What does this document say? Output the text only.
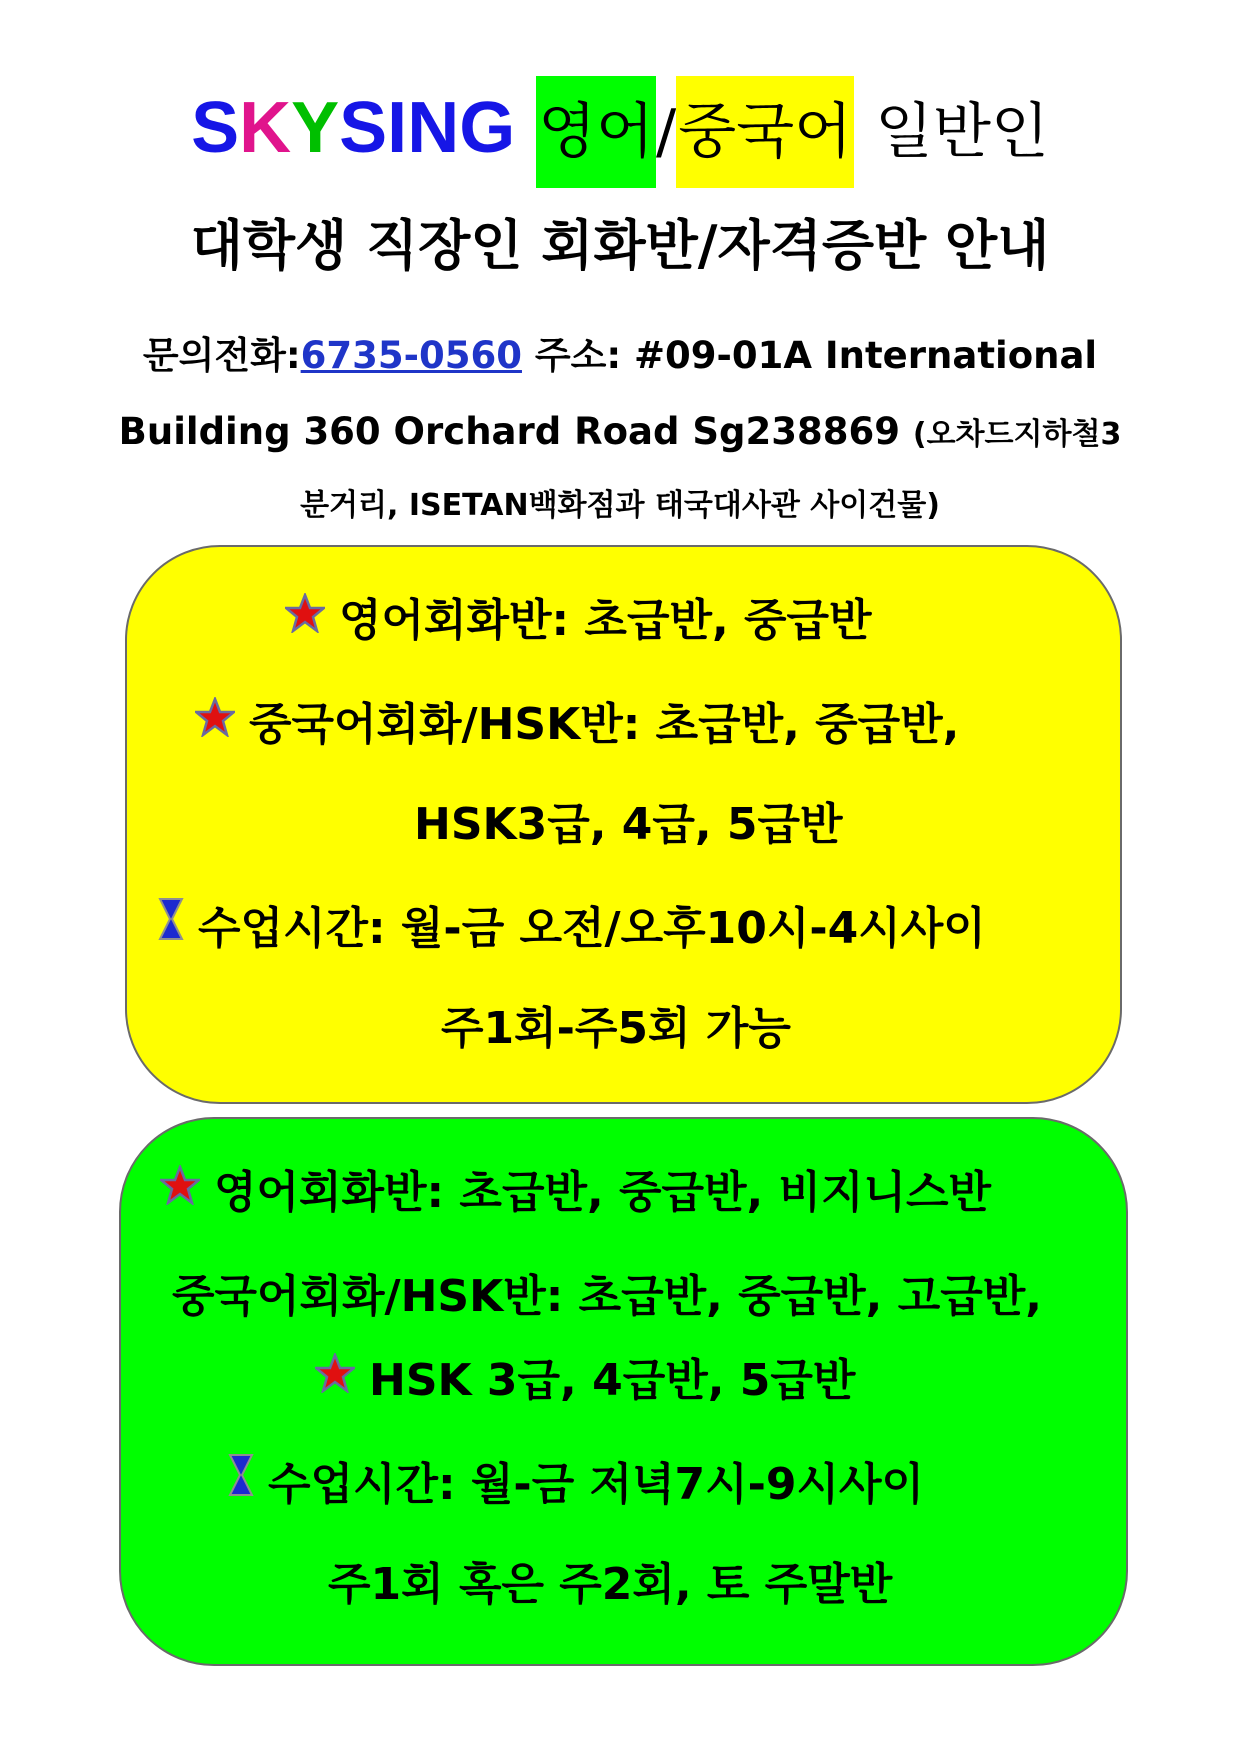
SKYSING 영어/중국어 일반인
대학생 직장인 회화반/자격증반 안내
문의전화:6735-0560 주소: #09-01A International
Building 360 Orchard Road Sg238869 (오차드지하철3
분거리, ISETAN백화점과 태국대사관 사이건물)
영어회화반: 초급반, 중급반
중국어회화/HSK반: 초급반, 중급반,
HSK3급, 4급, 5급반
수업시간: 월-금 오전/오후10시-4시사이
주1회-주5회 가능
영어회화반: 초급반, 중급반, 비지니스반
중국어회화/HSK반: 초급반, 중급반, 고급반,
HSK 3급, 4급반, 5급반
수업시간: 월-금 저녁7시-9시사이
주1회 혹은 주2회, 토 주말반
